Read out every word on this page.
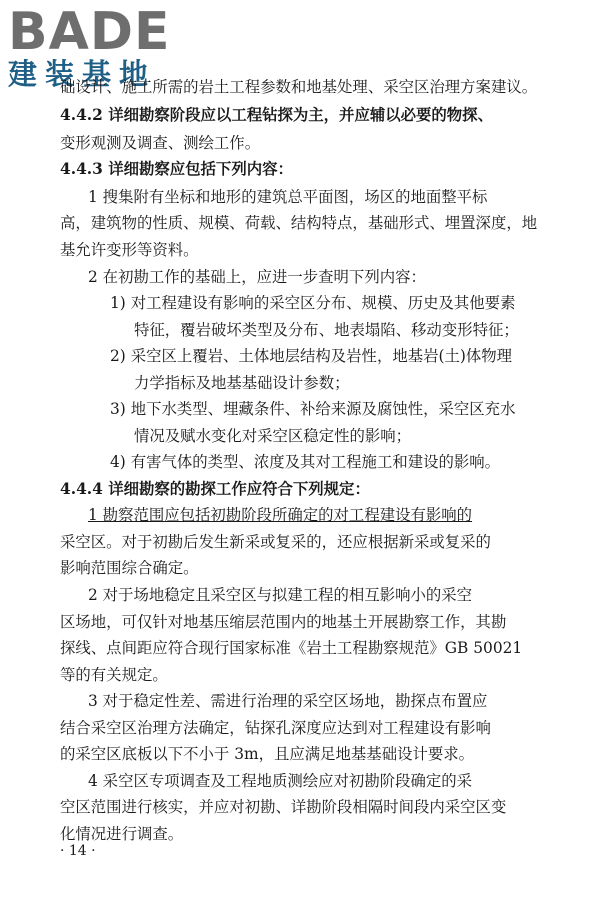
BADE
建装基地
础设计、施工所需的岩土工程参数和地基处理、采空区治理方案建议。
4.4.2 详细勘察阶段应以工程钻探为主，并应辅以必要的物探、
变形观测及调查、测绘工作。
4.4.3 详细勘察应包括下列内容：
1 搜集附有坐标和地形的建筑总平面图，场区的地面整平标
高，建筑物的性质、规模、荷载、结构特点，基础形式、埋置深度，地
基允许变形等资料。
2 在初勘工作的基础上，应进一步查明下列内容：
1) 对工程建设有影响的采空区分布、规模、历史及其他要素
特征，覆岩破坏类型及分布、地表塌陷、移动变形特征；
2) 采空区上覆岩、土体地层结构及岩性，地基岩(土)体物理
力学指标及地基基础设计参数；
3) 地下水类型、埋藏条件、补给来源及腐蚀性，采空区充水
情况及赋水变化对采空区稳定性的影响；
4) 有害气体的类型、浓度及其对工程施工和建设的影响。
4.4.4 详细勘察的勘探工作应符合下列规定：
1 勘察范围应包括初勘阶段所确定的对工程建设有影响的
采空区。对于初勘后发生新采或复采的，还应根据新采或复采的
影响范围综合确定。
2 对于场地稳定且采空区与拟建工程的相互影响小的采空
区场地，可仅针对地基压缩层范围内的地基土开展勘察工作，其勘
探线、点间距应符合现行国家标准《岩土工程勘察规范》GB 50021
等的有关规定。
3 对于稳定性差、需进行治理的采空区场地，勘探点布置应
结合采空区治理方法确定，钻探孔深度应达到对工程建设有影响
的采空区底板以下不小于 3m，且应满足地基基础设计要求。
4 采空区专项调查及工程地质测绘应对初勘阶段确定的采
空区范围进行核实，并应对初勘、详勘阶段相隔时间段内采空区变
化情况进行调查。
· 14 ·
